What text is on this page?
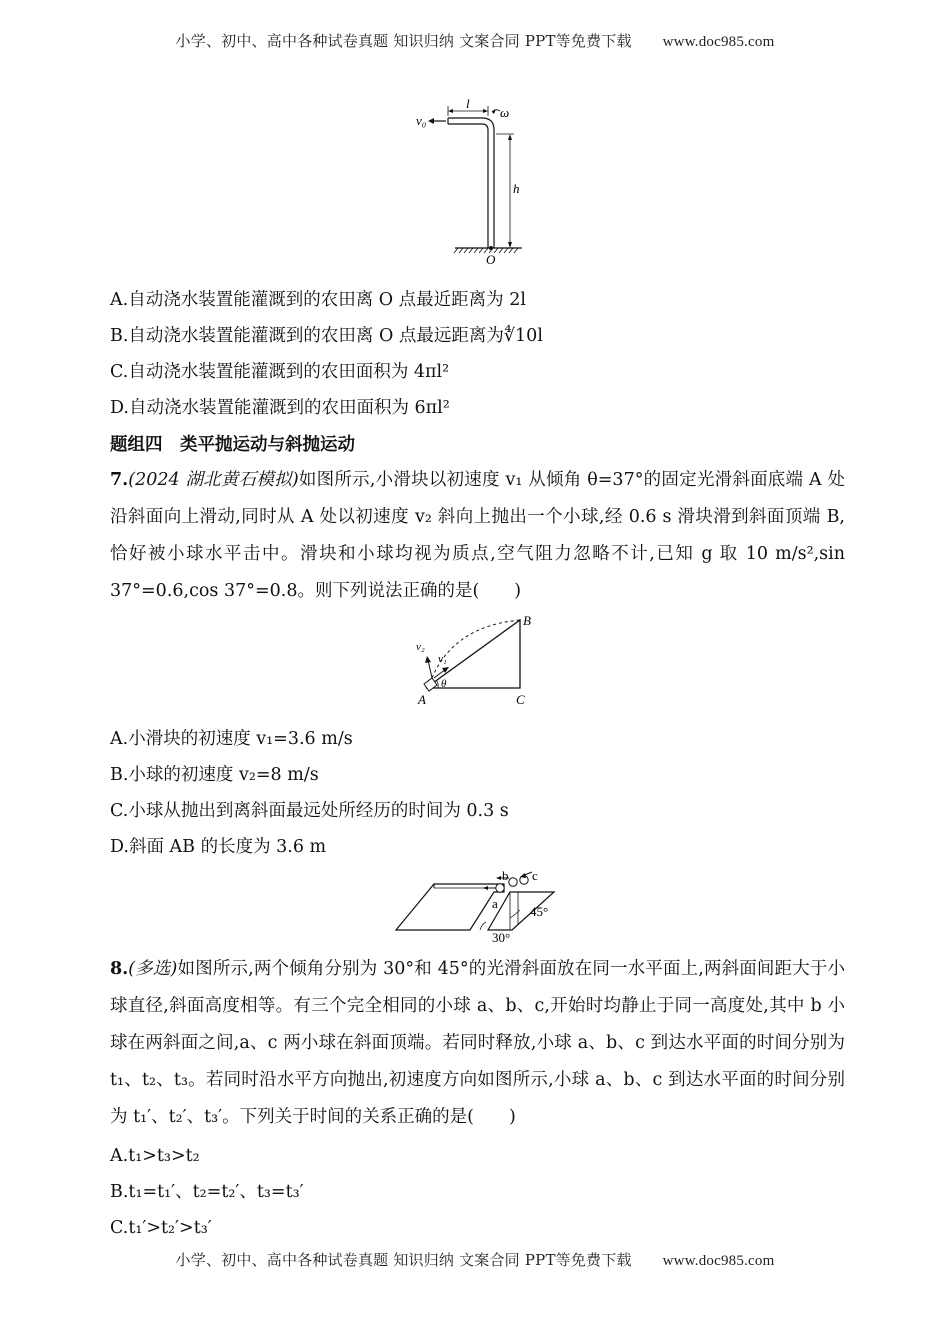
小学、初中、高中各种试卷真题 知识归纳 文案合同 PPT等免费下载 www.doc985.com
v₀
l
ω
h
O
A.自动浇水装置能灌溉到的农田离 O 点最近距离为 2l
B.自动浇水装置能灌溉到的农田离 O 点最远距离为∜10l
C.自动浇水装置能灌溉到的农田面积为 4πl²
D.自动浇水装置能灌溉到的农田面积为 6πl²
题组四　类平抛运动与斜抛运动
7.(2024 湖北黄石模拟)如图所示,小滑块以初速度 v₁ 从倾角 θ=37°的固定光滑斜面底端 A 处沿斜面向上滑动,同时从 A 处以初速度 v₂ 斜向上抛出一个小球,经 0.6 s 滑块滑到斜面顶端 B,恰好被小球水平击中。滑块和小球均视为质点,空气阻力忽略不计,已知 g 取 10 m/s²,sin 37°=0.6,cos 37°=0.8。则下列说法正确的是(　　)
v₂
v₁
θ
A	C
B
A.小滑块的初速度 v₁=3.6 m/s
B.小球的初速度 v₂=8 m/s
C.小球从抛出到离斜面最远处所经历的时间为 0.3 s
D.斜面 AB 的长度为 3.6 m
a
b c
45°
30°
8.(多选)如图所示,两个倾角分别为 30°和 45°的光滑斜面放在同一水平面上,两斜面间距大于小球直径,斜面高度相等。有三个完全相同的小球 a、b、c,开始时均静止于同一高度处,其中 b 小球在两斜面之间,a、c 两小球在斜面顶端。若同时释放,小球 a、b、c 到达水平面的时间分别为 t₁、t₂、t₃。若同时沿水平方向抛出,初速度方向如图所示,小球 a、b、c 到达水平面的时间分别为 t₁′、t₂′、t₃′。下列关于时间的关系正确的是(　　)
A.t₁>t₃>t₂
B.t₁=t₁′、t₂=t₂′、t₃=t₃′
C.t₁′>t₂′>t₃′
小学、初中、高中各种试卷真题 知识归纳 文案合同 PPT等免费下载 www.doc985.com
